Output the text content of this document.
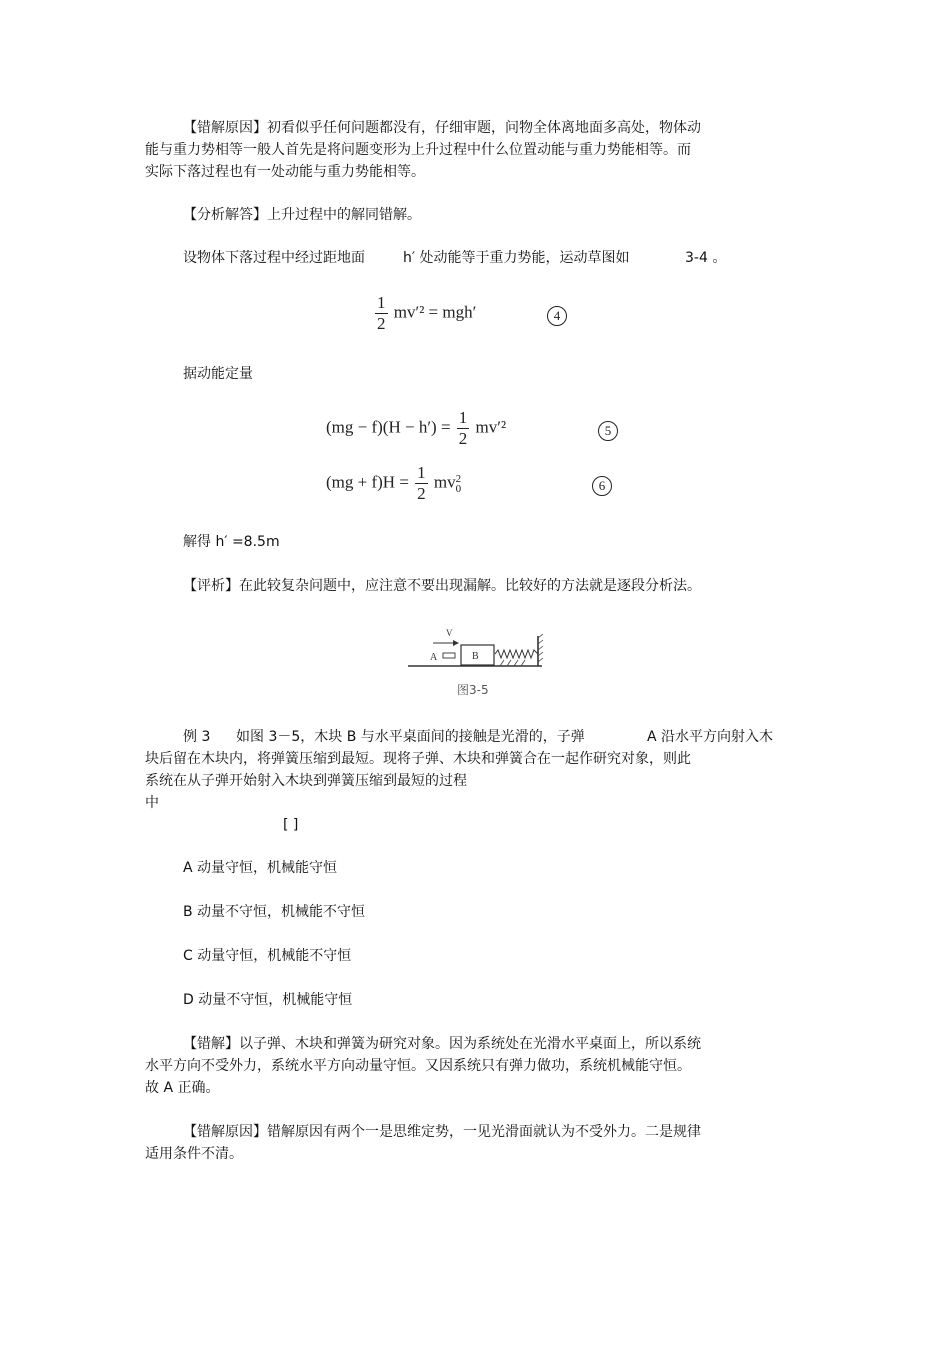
【错解原因】初看似乎任何问题都没有，仔细审题，问物全体离地面多高处，物体动
能与重力势相等一般人首先是将问题变形为上升过程中什么位置动能与重力势能相等。而
实际下落过程也有一处动能与重力势能相等。
【分析解答】上升过程中的解同错解。
设物体下落过程中经过距地面	h′ 处动能等于重力势能，运动草图如	3-4 。
$\frac{1}{2} mv'^2 = mgh'$	4
据动能定量
$(mg - f)(H - h') = \frac{1}{2} mv'^2$	5
$(mg + f)H = \frac{1}{2}$ mv 2
0	6
解得 h′ =8.5m
【评析】在此较复杂问题中，应注意不要出现漏解。比较好的方法就是逐段分析法。
B
A
V
图3-5
例 3 如图 3－5，木块 B 与水平桌面间的接触是光滑的，子弹	A 沿水平方向射入木
块后留在木块内，将弹簧压缩到最短。现将子弹、木块和弹簧合在一起作研究对象，则此
系统在从子弹开始射入木块到弹簧压缩到最短的过程
中
[ ]
A 动量守恒，机械能守恒
B 动量不守恒，机械能不守恒
C 动量守恒，机械能不守恒
D 动量不守恒，机械能守恒
【错解】以子弹、木块和弹簧为研究对象。因为系统处在光滑水平桌面上，所以系统
水平方向不受外力，系统水平方向动量守恒。又因系统只有弹力做功，系统机械能守恒。
故 A 正确。
【错解原因】错解原因有两个一是思维定势，一见光滑面就认为不受外力。二是规律
适用条件不清。
